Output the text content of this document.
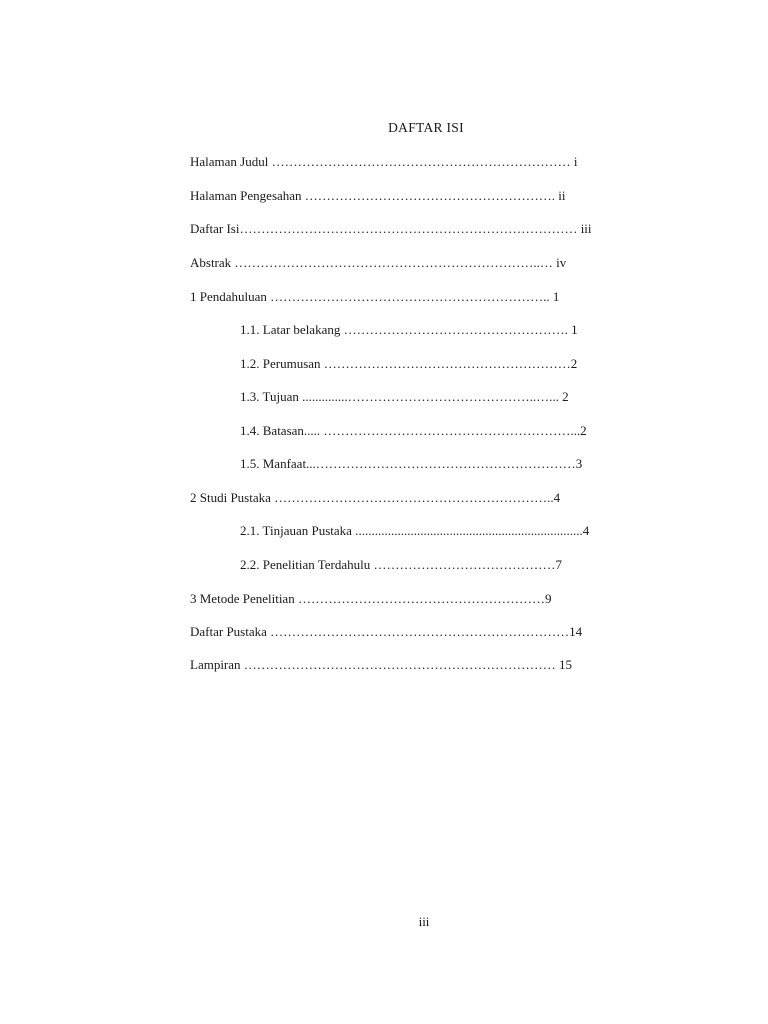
DAFTAR ISI
Halaman Judul …………………………………………………………… i
Halaman Pengesahan …………………………………………………. ii
Daftar Isi…………………………………………………………………… iii
Abstrak ……………………………………………………………..… iv
1 Pendahuluan ……………………………………………………….. 1
1.1. Latar belakang ……………………………………………. 1
1.2. Perumusan …………………………………………………2
1.3. Tujuan ..............……………………………………..…... 2
1.4. Batasan..... …………………………………………………...2
1.5. Manfaat...……………………………………………………3
2 Studi Pustaka ………………………………………………………..4
2.1. Tinjauan Pustaka ......................................................................4
2.2. Penelitian Terdahulu ……………………………………7
3 Metode Penelitian …………………………………………………9
Daftar Pustaka ……………………………………………………………14
Lampiran ……………………………………………………………… 15
iii
